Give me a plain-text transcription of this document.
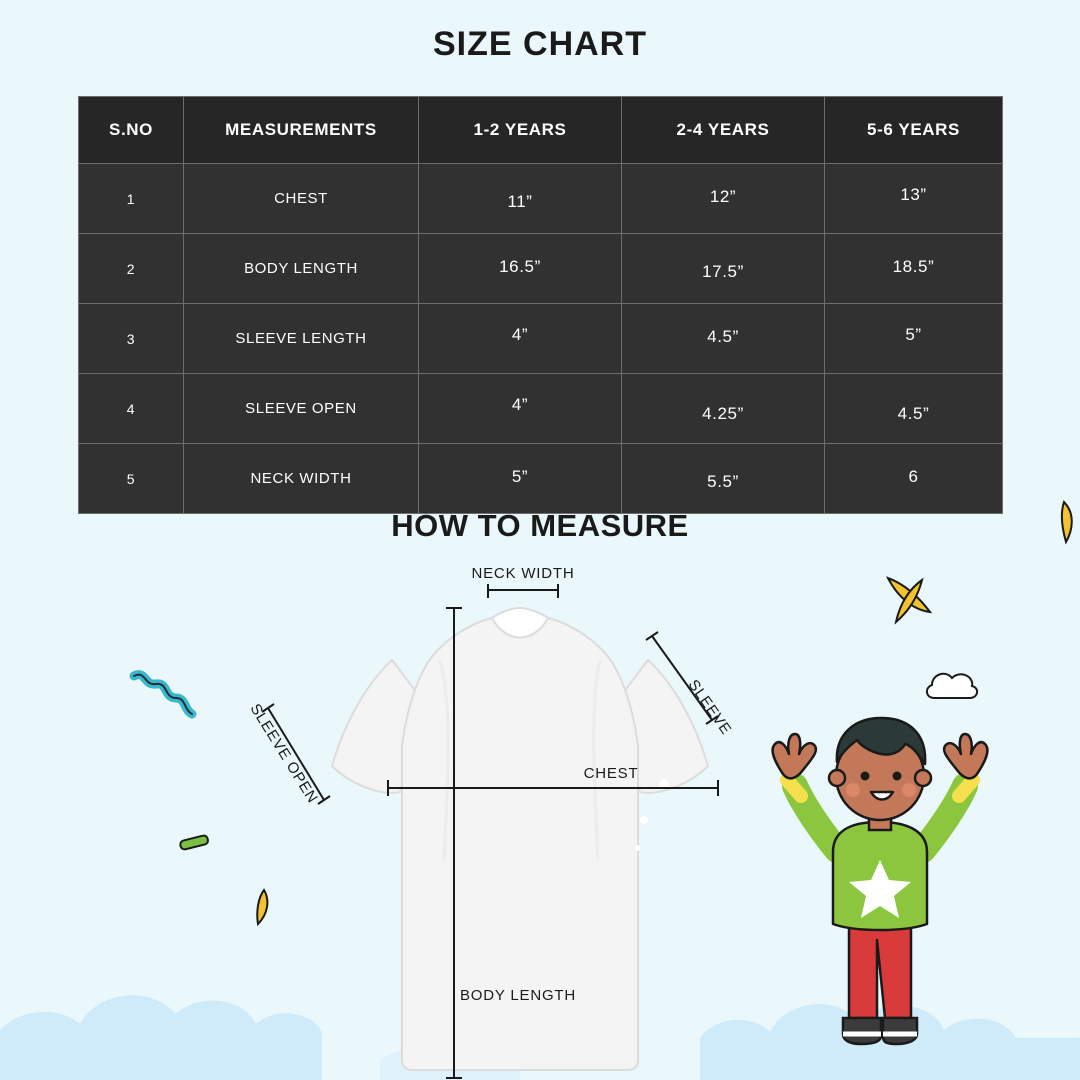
SIZE CHART
S.NO	MEASUREMENTS	1-2 YEARS	2-4 YEARS	5-6 YEARS
1	CHEST	11”	12”	13”
2	BODY LENGTH	16.5”	17.5”	18.5”
3	SLEEVE LENGTH	4”	4.5”	5”
4	SLEEVE OPEN	4”	4.25”	4.5”
5	NECK WIDTH	5”	5.5”	6
HOW TO MEASURE
NECK WIDTH
SLEEVE
SLEEVE OPEN	CHEST
BODY LENGTH
